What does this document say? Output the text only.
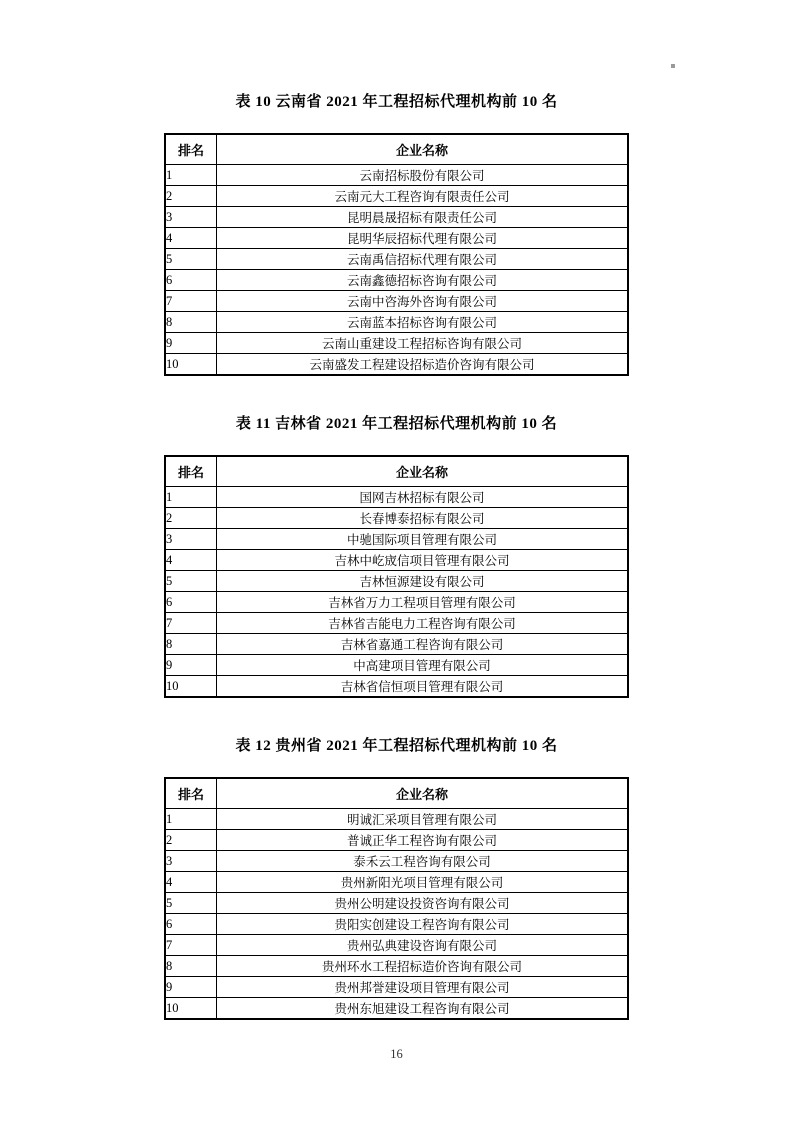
表 10 云南省 2021 年工程招标代理机构前 10 名
排名	企业名称
1	云南招标股份有限公司
2	云南元大工程咨询有限责任公司
3	昆明晨晟招标有限责任公司
4	昆明华辰招标代理有限公司
5	云南禹信招标代理有限公司
6	云南鑫德招标咨询有限公司
7	云南中咨海外咨询有限公司
8	云南蓝本招标咨询有限公司
9	云南山重建设工程招标咨询有限公司
10	云南盛发工程建设招标造价咨询有限公司
表 11 吉林省 2021 年工程招标代理机构前 10 名
排名	企业名称
1	国网吉林招标有限公司
2	长春博泰招标有限公司
3	中驰国际项目管理有限公司
4	吉林中屹宬信项目管理有限公司
5	吉林恒源建设有限公司
6	吉林省万力工程项目管理有限公司
7	吉林省吉能电力工程咨询有限公司
8	吉林省嘉通工程咨询有限公司
9	中高建项目管理有限公司
10	吉林省信恒项目管理有限公司
表 12 贵州省 2021 年工程招标代理机构前 10 名
排名	企业名称
1	明诚汇采项目管理有限公司
2	普诚正华工程咨询有限公司
3	泰禾云工程咨询有限公司
4	贵州新阳光项目管理有限公司
5	贵州公明建设投资咨询有限公司
6	贵阳实创建设工程咨询有限公司
7	贵州弘典建设咨询有限公司
8	贵州环水工程招标造价咨询有限公司
9	贵州邦誉建设项目管理有限公司
10	贵州东旭建设工程咨询有限公司
16
